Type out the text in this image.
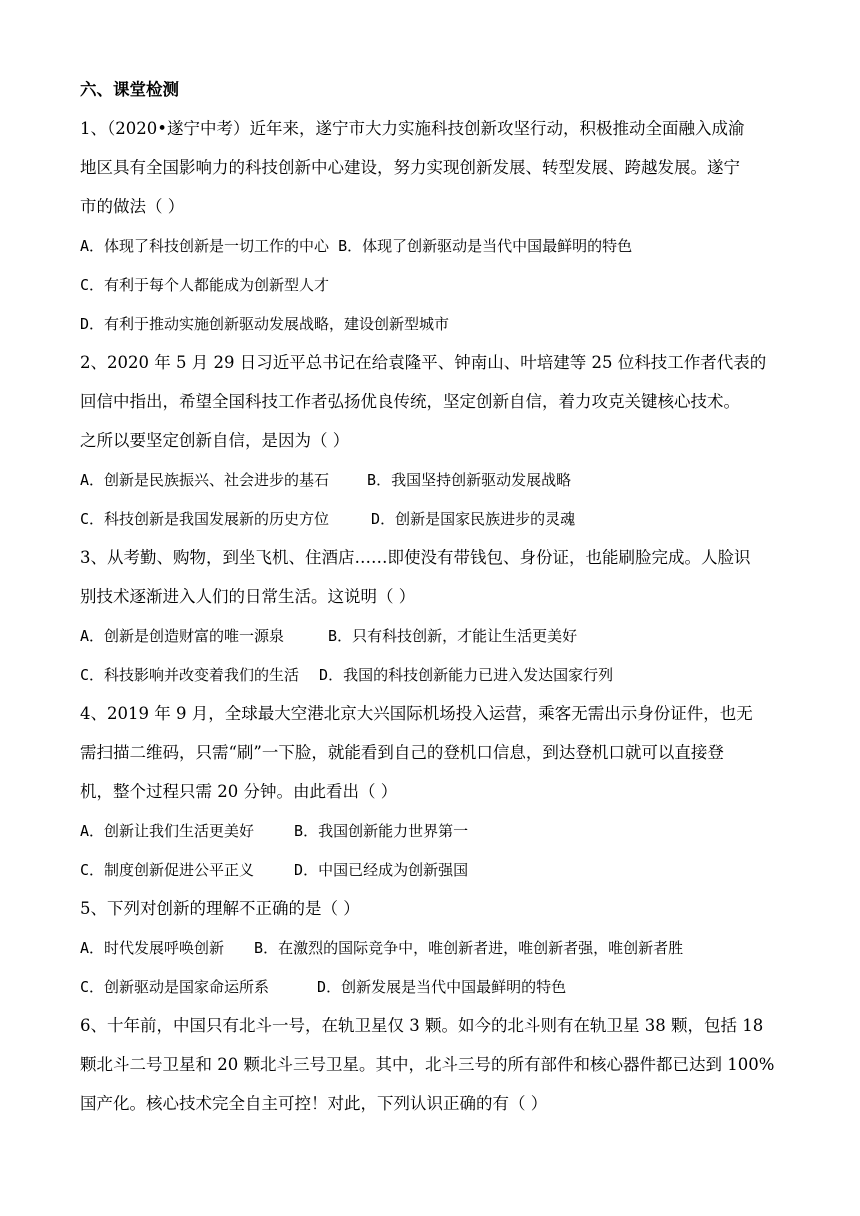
六、课堂检测
1、（2020•遂宁中考）近年来，遂宁市大力实施科技创新攻坚行动，积极推动全面融入成渝
地区具有全国影响力的科技创新中心建设，努力实现创新发展、转型发展、跨越发展。遂宁
市的做法（ ）
A．体现了科技创新是一切工作的中心 B．体现了创新驱动是当代中国最鲜明的特色
C．有利于每个人都能成为创新型人才
D．有利于推动实施创新驱动发展战略，建设创新型城市
2、2020 年 5 月 29 日习近平总书记在给袁隆平、钟南山、叶培建等 25 位科技工作者代表的
回信中指出，希望全国科技工作者弘扬优良传统，坚定创新自信，着力攻克关键核心技术。
之所以要坚定创新自信，是因为（ ）
A．创新是民族振兴、社会进步的基石	B．我国坚持创新驱动发展战略
C．科技创新是我国发展新的历史方位	D．创新是国家民族进步的灵魂
3、从考勤、购物，到坐飞机、住酒店……即使没有带钱包、身份证，也能刷脸完成。人脸识
别技术逐渐进入人们的日常生活。这说明（ ）
A．创新是创造财富的唯一源泉	B．只有科技创新，才能让生活更美好
C．科技影响并改变着我们的生活 D．我国的科技创新能力已进入发达国家行列
4、2019 年 9 月，全球最大空港北京大兴国际机场投入运营，乘客无需出示身份证件，也无
需扫描二维码，只需“刷”一下脸，就能看到自己的登机口信息，到达登机口就可以直接登
机，整个过程只需 20 分钟。由此看出（ ）
A．创新让我们生活更美好	B．我国创新能力世界第一
C．制度创新促进公平正义	D．中国已经成为创新强国
5、下列对创新的理解不正确的是（ ）
A．时代发展呼唤创新 B．在激烈的国际竞争中，唯创新者进，唯创新者强，唯创新者胜
C．创新驱动是国家命运所系	D．创新发展是当代中国最鲜明的特色
6、十年前，中国只有北斗一号，在轨卫星仅 3 颗。如今的北斗则有在轨卫星 38 颗，包括 18
颗北斗二号卫星和 20 颗北斗三号卫星。其中，北斗三号的所有部件和核心器件都已达到 100%
国产化。核心技术完全自主可控！对此，下列认识正确的有（ ）
